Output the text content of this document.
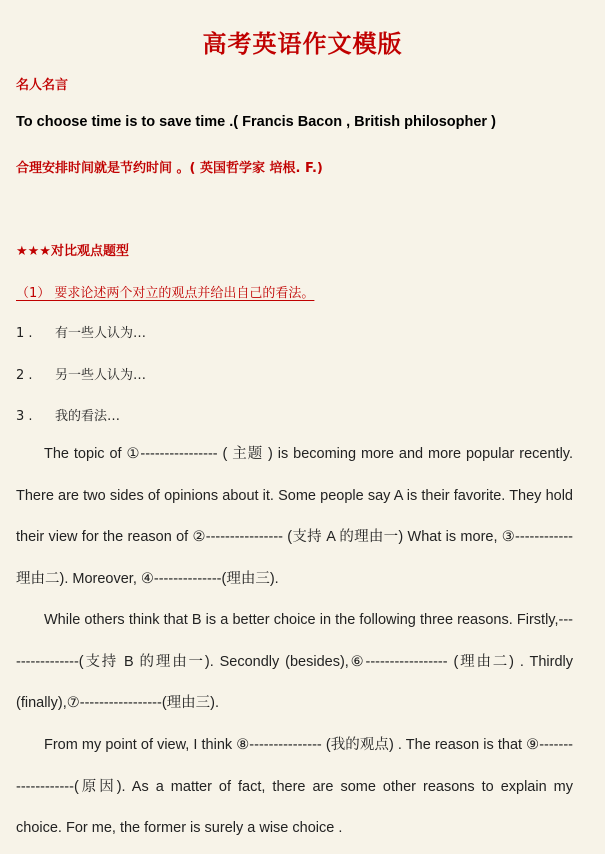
高考英语作文模版
名人名言
To choose time is to save time .( Francis Bacon , British philosopher )
合理安排时间就是节约时间 。( 英国哲学家 培根. F.)
★★★对比观点题型
（1） 要求论述两个对立的观点并给出自己的看法。
1 . 有一些人认为…
2 . 另一些人认为…
3 . 我的看法…

The topic of ①---------------- ( 主题 ) is becoming more and more popular recently. There are two sides of opinions about it. Some people say A is their favorite. They hold their view for the reason of ②---------------- (支持 A 的理由一) What is more, ③------------理由二). Moreover, ④--------------(理由三).

While others think that B is a better choice in the following three reasons. Firstly,----------------(支持 B 的理由一). Secondly (besides),⑥----------------- (理由二) . Thirdly (finally),⑦-----------------(理由三).

From my point of view, I think ⑧--------------- (我的观点) . The reason is that ⑨-------------------(原因). As a matter of fact, there are some other reasons to explain my choice. For me, the former is surely a wise choice .
